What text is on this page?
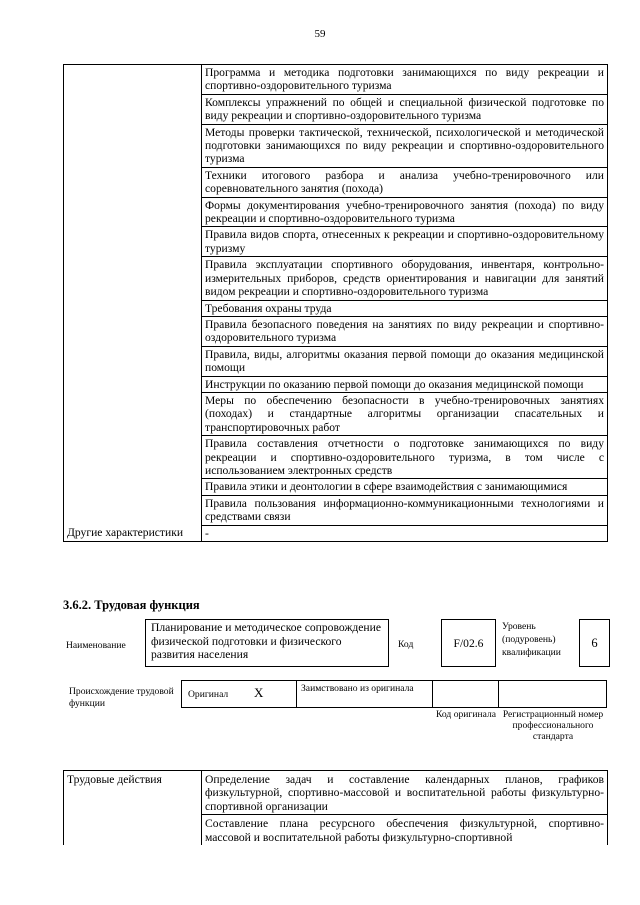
59
	Программа и методика подготовки занимающихся по виду рекреации и спортивно-оздоровительного туризма
	Комплексы упражнений по общей и специальной физической подготовке по виду рекреации и спортивно-оздоровительного туризма
	Методы проверки тактической, технической, психологической и методической подготовки занимающихся по виду рекреации и спортивно-оздоровительного туризма
	Техники итогового разбора и анализа учебно-тренировочного или соревновательного занятия (похода)
	Формы документирования учебно-тренировочного занятия (похода) по виду рекреации и спортивно-оздоровительного туризма
	Правила видов спорта, отнесенных к рекреации и спортивно-оздоровительному туризму
	Правила эксплуатации спортивного оборудования, инвентаря, контрольно-измерительных приборов, средств ориентирования и навигации для занятий видом рекреации и спортивно-оздоровительного туризма
	Требования охраны труда
	Правила безопасного поведения на занятиях по виду рекреации и спортивно-оздоровительного туризма
	Правила, виды, алгоритмы оказания первой помощи до оказания медицинской помощи
	Инструкции по оказанию первой помощи до оказания медицинской помощи
	Меры по обеспечению безопасности в учебно-тренировочных занятиях (походах) и стандартные алгоритмы организации спасательных и транспортировочных работ
	Правила составления отчетности о подготовке занимающихся по виду рекреации и спортивно-оздоровительного туризма, в том числе с использованием электронных средств
	Правила этики и деонтологии в сфере взаимодействия с занимающимися
	Правила пользования информационно-коммуникационными технологиями и средствами связи
Другие характеристики	-
3.6.2. Трудовая функция
Наименование
Планирование и методическое сопровождение физической подготовки и физического развития населения
Код	F/02.6
Уровень (подуровень) квалификации
6
Происхождение трудовой функции
Оригинал X	Заимствовано из оригинала
Код оригинала Регистрационный номер профессионального стандарта
Трудовые действия	Определение задач и составление календарных планов, графиков физкультурной, спортивно-массовой и воспитательной работы физкультурно-спортивной организации
Составление плана ресурсного обеспечения физкультурной, спортивно-массовой и воспитательной работы физкультурно-спортивной
